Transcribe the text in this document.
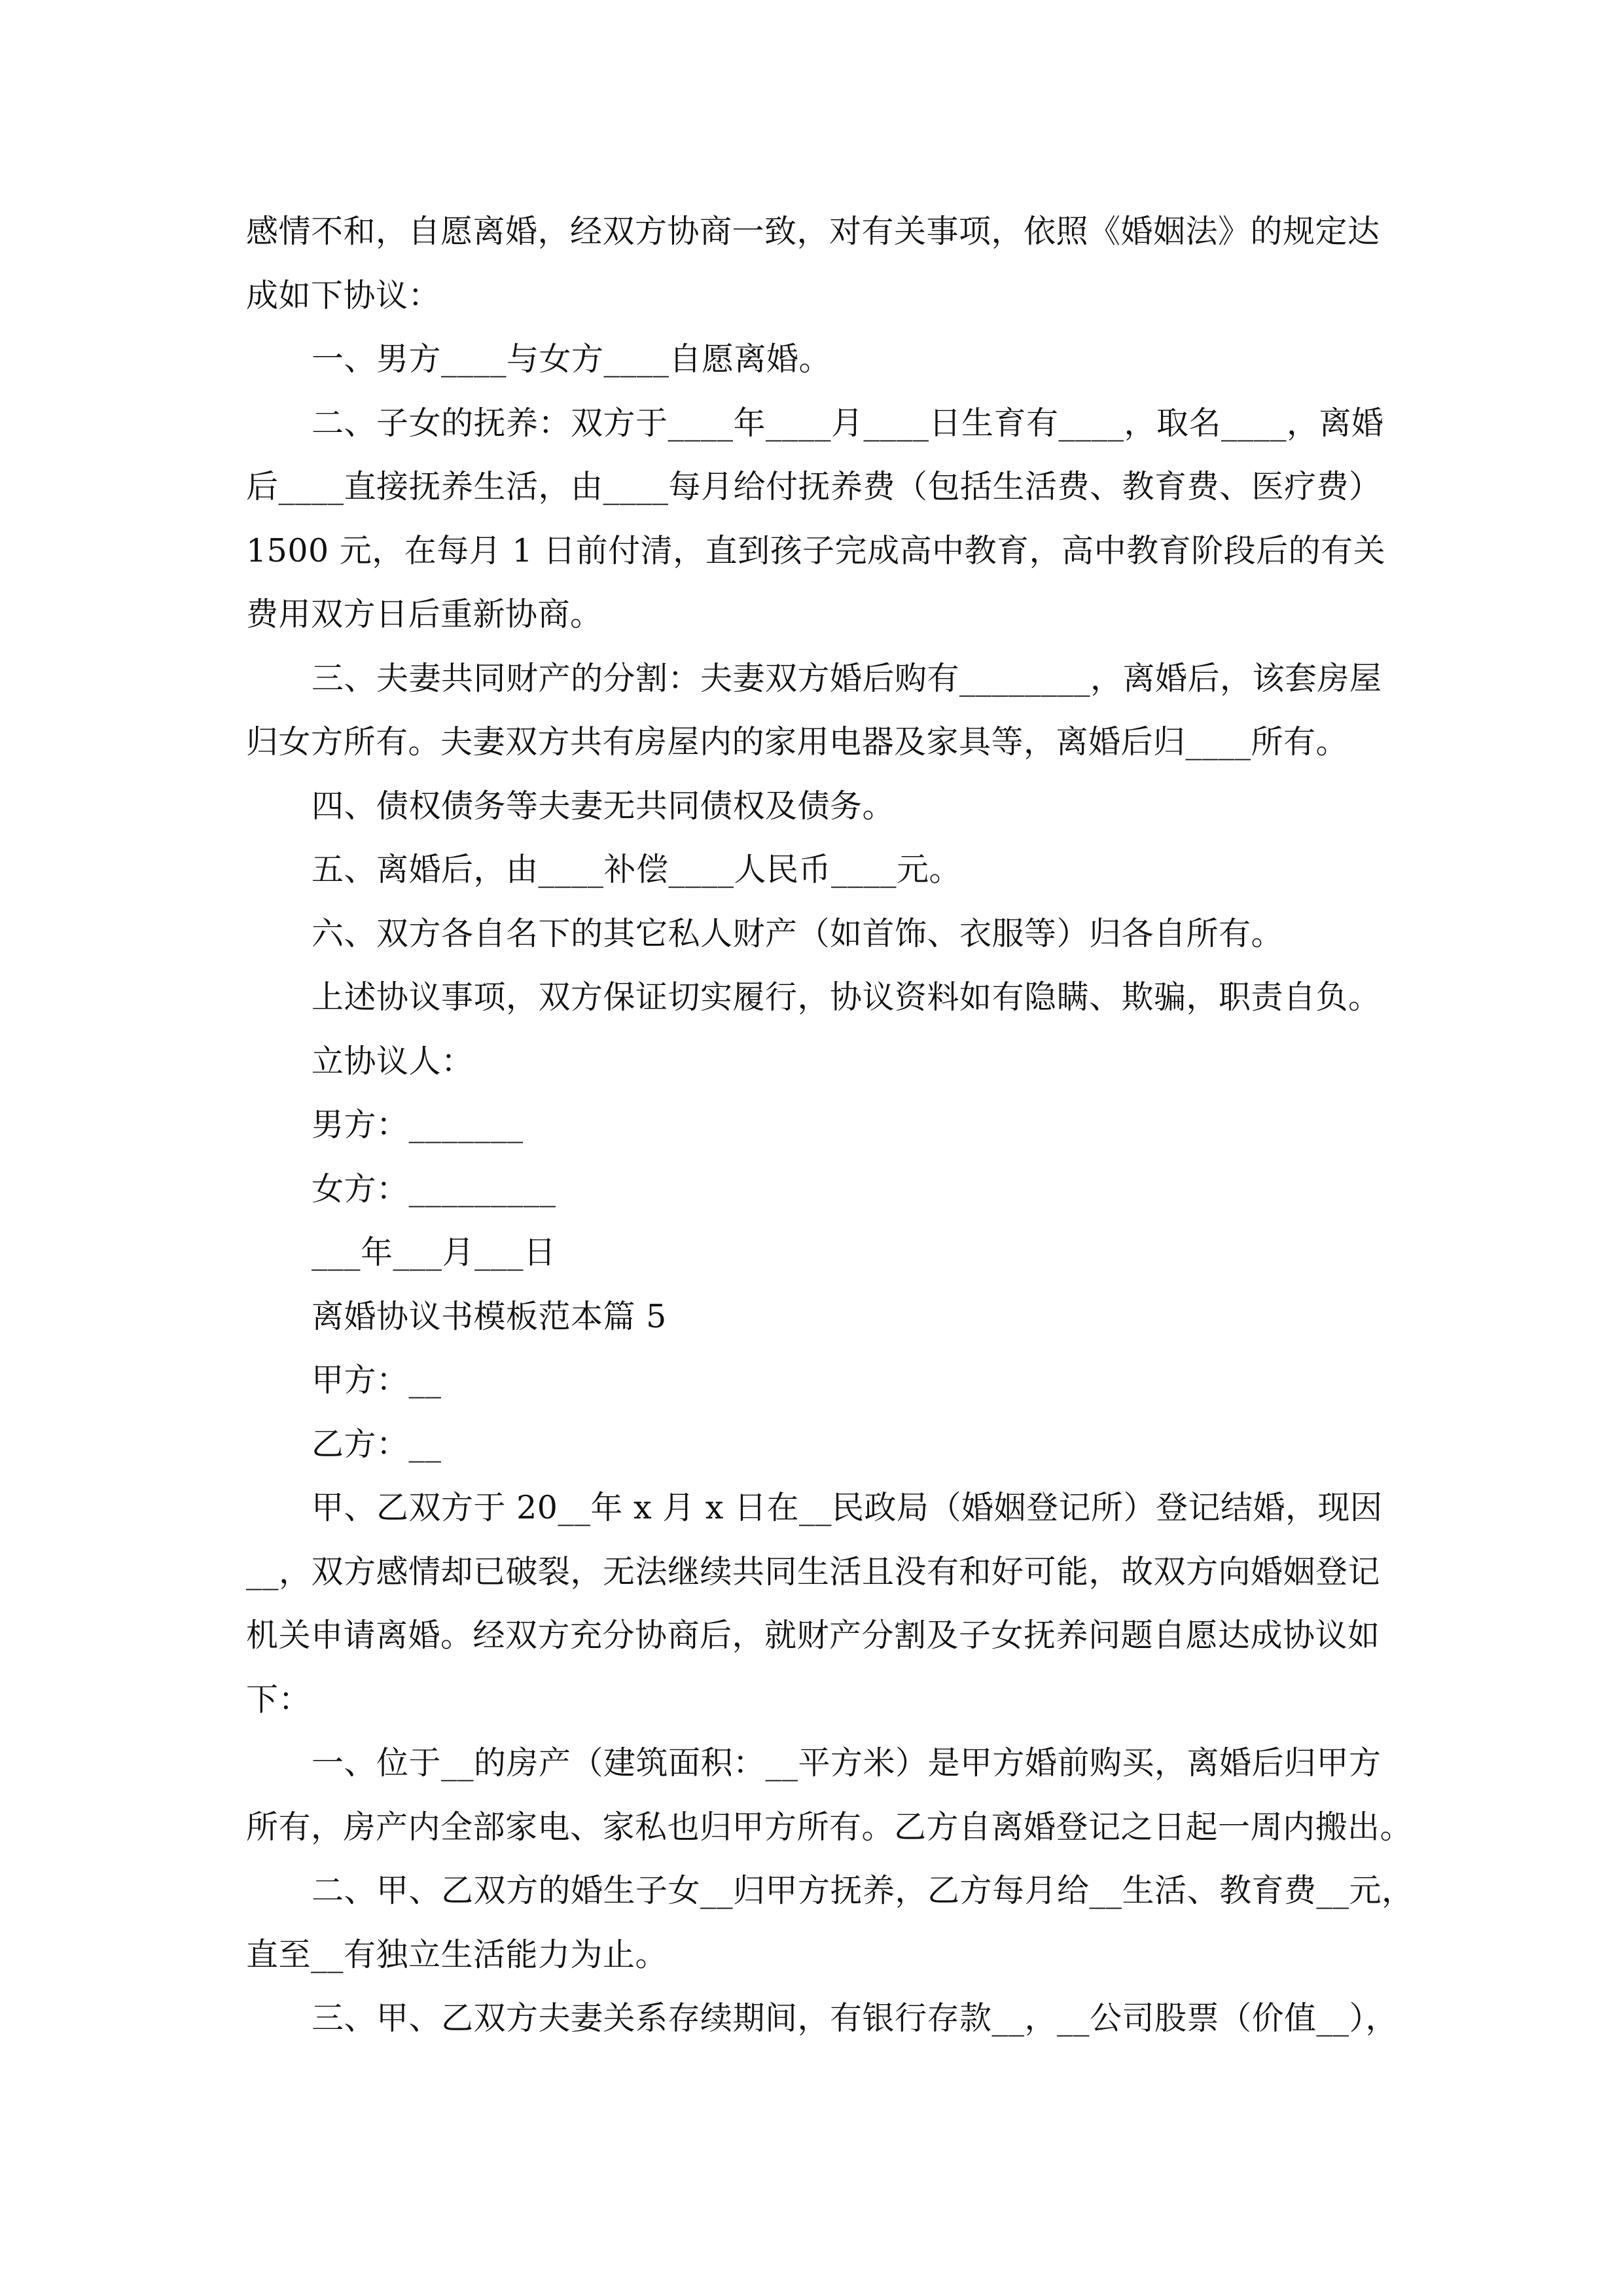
感情不和，自愿离婚，经双方协商一致，对有关事项，依照《婚姻法》的规定达
成如下协议：
一、男方____与女方____自愿离婚。
二、子女的抚养：双方于____年____月____日生育有____，取名____，离婚
后____直接抚养生活，由____每月给付抚养费（包括生活费、教育费、医疗费）
1500 元，在每月 1 日前付清，直到孩子完成高中教育，高中教育阶段后的有关
费用双方日后重新协商。
三、夫妻共同财产的分割：夫妻双方婚后购有________，离婚后，该套房屋
归女方所有。夫妻双方共有房屋内的家用电器及家具等，离婚后归____所有。
四、债权债务等夫妻无共同债权及债务。
五、离婚后，由____补偿____人民币____元。
六、双方各自名下的其它私人财产（如首饰、衣服等）归各自所有。
上述协议事项，双方保证切实履行，协议资料如有隐瞒、欺骗，职责自负。
立协议人：
男方：_______
女方：_________
___年___月___日
离婚协议书模板范本篇 5
甲方：__
乙方：__
甲、乙双方于 20__年 x 月 x 日在__民政局（婚姻登记所）登记结婚，现因
__，双方感情却已破裂，无法继续共同生活且没有和好可能，故双方向婚姻登记
机关申请离婚。经双方充分协商后，就财产分割及子女抚养问题自愿达成协议如
下：
一、位于__的房产（建筑面积：__平方米）是甲方婚前购买，离婚后归甲方
所有，房产内全部家电、家私也归甲方所有。乙方自离婚登记之日起一周内搬出。
二、甲、乙双方的婚生子女__归甲方抚养，乙方每月给__生活、教育费__元，
直至__有独立生活能力为止。
三、甲、乙双方夫妻关系存续期间，有银行存款__，__公司股票（价值__），
